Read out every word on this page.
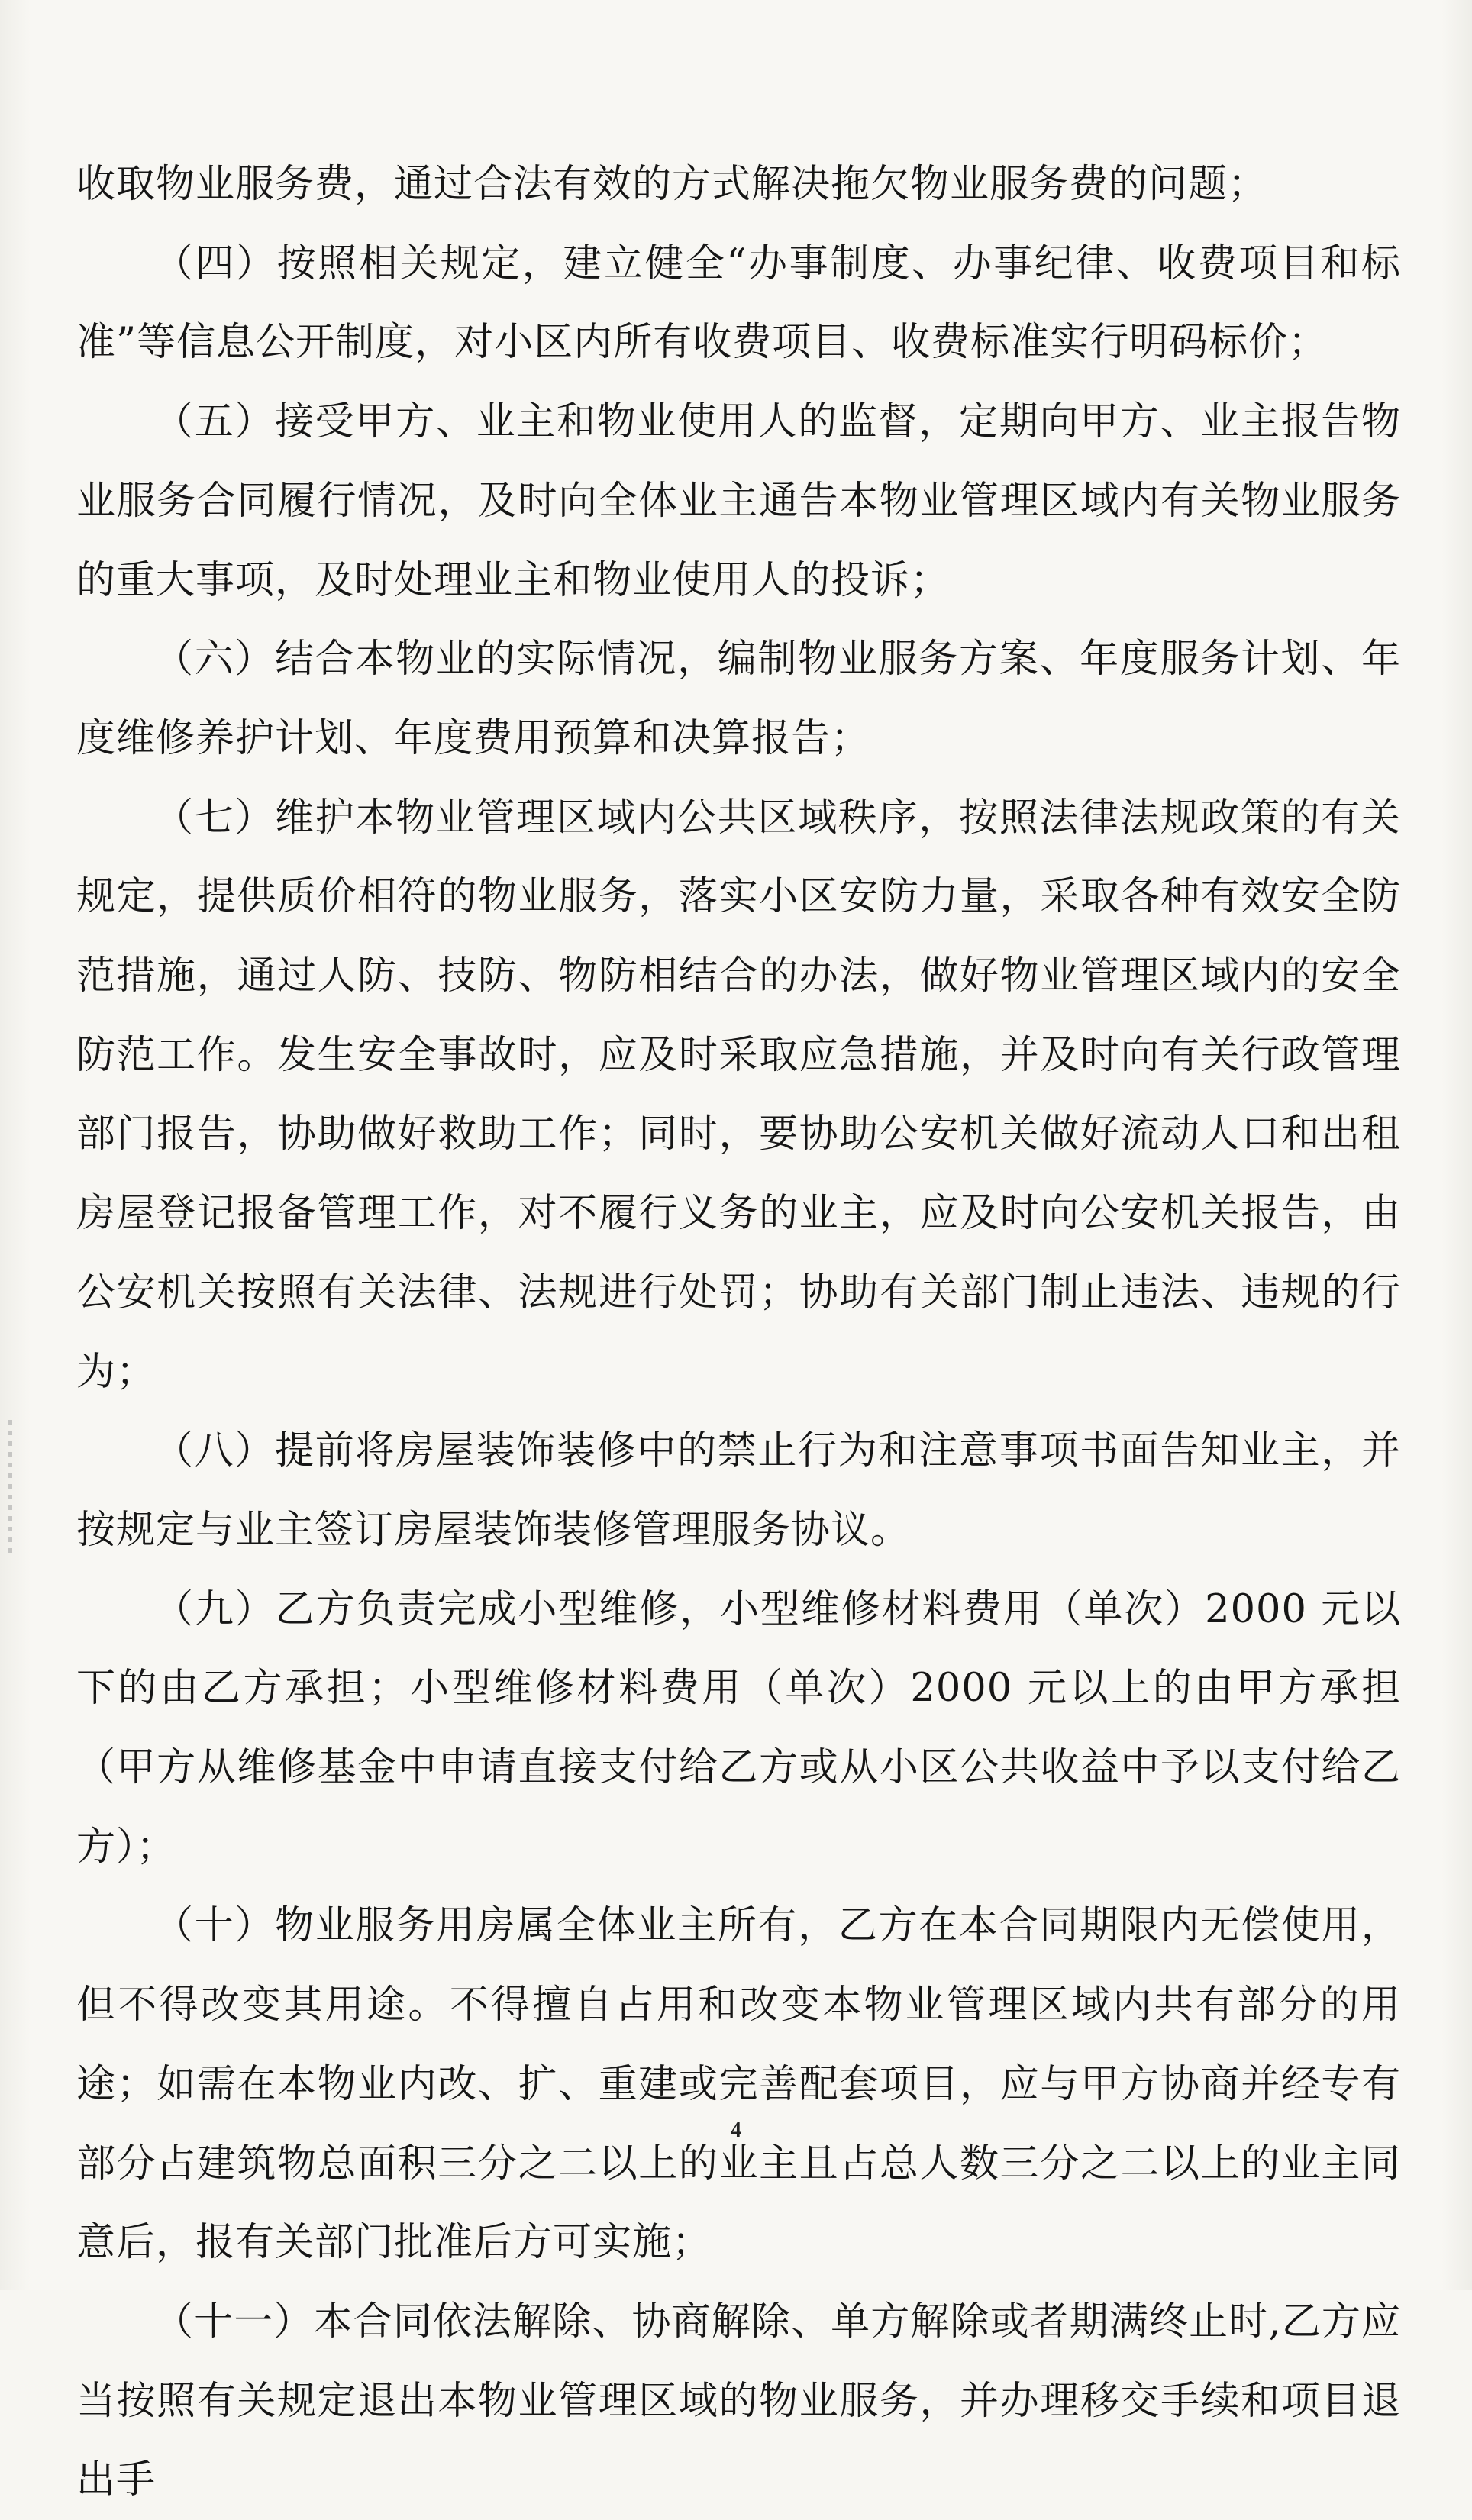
收取物业服务费，通过合法有效的方式解决拖欠物业服务费的问题；

（四）按照相关规定，建立健全“办事制度、办事纪律、收费项目和标准”等信息公开制度，对小区内所有收费项目、收费标准实行明码标价；

（五）接受甲方、业主和物业使用人的监督，定期向甲方、业主报告物业服务合同履行情况，及时向全体业主通告本物业管理区域内有关物业服务的重大事项，及时处理业主和物业使用人的投诉；

（六）结合本物业的实际情况，编制物业服务方案、年度服务计划、年度维修养护计划、年度费用预算和决算报告；

（七）维护本物业管理区域内公共区域秩序，按照法律法规政策的有关规定，提供质价相符的物业服务，落实小区安防力量，采取各种有效安全防范措施，通过人防、技防、物防相结合的办法，做好物业管理区域内的安全防范工作。发生安全事故时，应及时采取应急措施，并及时向有关行政管理部门报告，协助做好救助工作；同时，要协助公安机关做好流动人口和出租房屋登记报备管理工作，对不履行义务的业主，应及时向公安机关报告，由公安机关按照有关法律、法规进行处罚；协助有关部门制止违法、违规的行为；

（八）提前将房屋装饰装修中的禁止行为和注意事项书面告知业主，并按规定与业主签订房屋装饰装修管理服务协议。

（九）乙方负责完成小型维修，小型维修材料费用（单次）2000 元以下的由乙方承担；小型维修材料费用（单次）2000 元以上的由甲方承担（甲方从维修基金中申请直接支付给乙方或从小区公共收益中予以支付给乙方）；

（十）物业服务用房属全体业主所有，乙方在本合同期限内无偿使用，但不得改变其用途。不得擅自占用和改变本物业管理区域内共有部分的用途；如需在本物业内改、扩、重建或完善配套项目，应与甲方协商并经专有部分占建筑物总面积三分之二以上的业主且占总人数三分之二以上的业主同意后，报有关部门批准后方可实施；

（十一）本合同依法解除、协商解除、单方解除或者期满终止时,乙方应当按照有关规定退出本物业管理区域的物业服务，并办理移交手续和项目退出手

4
